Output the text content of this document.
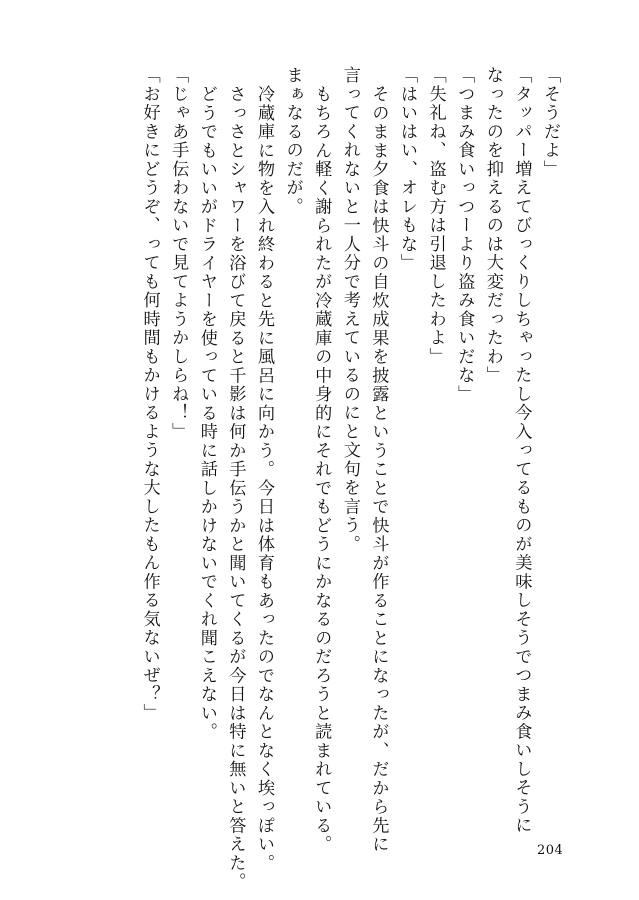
「そうだよ」
「タッパー増えてびっくりしちゃったし今入ってるものが美味しそうでつまみ食いしそうに
なったのを抑えるのは大変だったわ」
「つまみ食いっつーより盗み食いだな」
「失礼ね、盗む方は引退したわよ」
「はいはい、オレもな」
そのまま夕食は快斗の自炊成果を披露ということで快斗が作ることになったが、だから先に
言ってくれないと一人分で考えているのにと文句を言う。
もちろん軽く謝られたが冷蔵庫の中身的にそれでもどうにかなるのだろうと読まれている。
まぁなるのだが。
冷蔵庫に物を入れ終わると先に風呂に向かう。今日は体育もあったのでなんとなく埃っぽい。
さっさとシャワーを浴びて戻ると千影は何か手伝うかと聞いてくるが今日は特に無いと答えた。
どうでもいいがドライヤーを使っている時に話しかけないでくれ聞こえない。
「じゃあ手伝わないで見てようかしらね！」
「お好きにどうぞ、っても何時間もかけるような大したもん作る気ないぜ？」
204
